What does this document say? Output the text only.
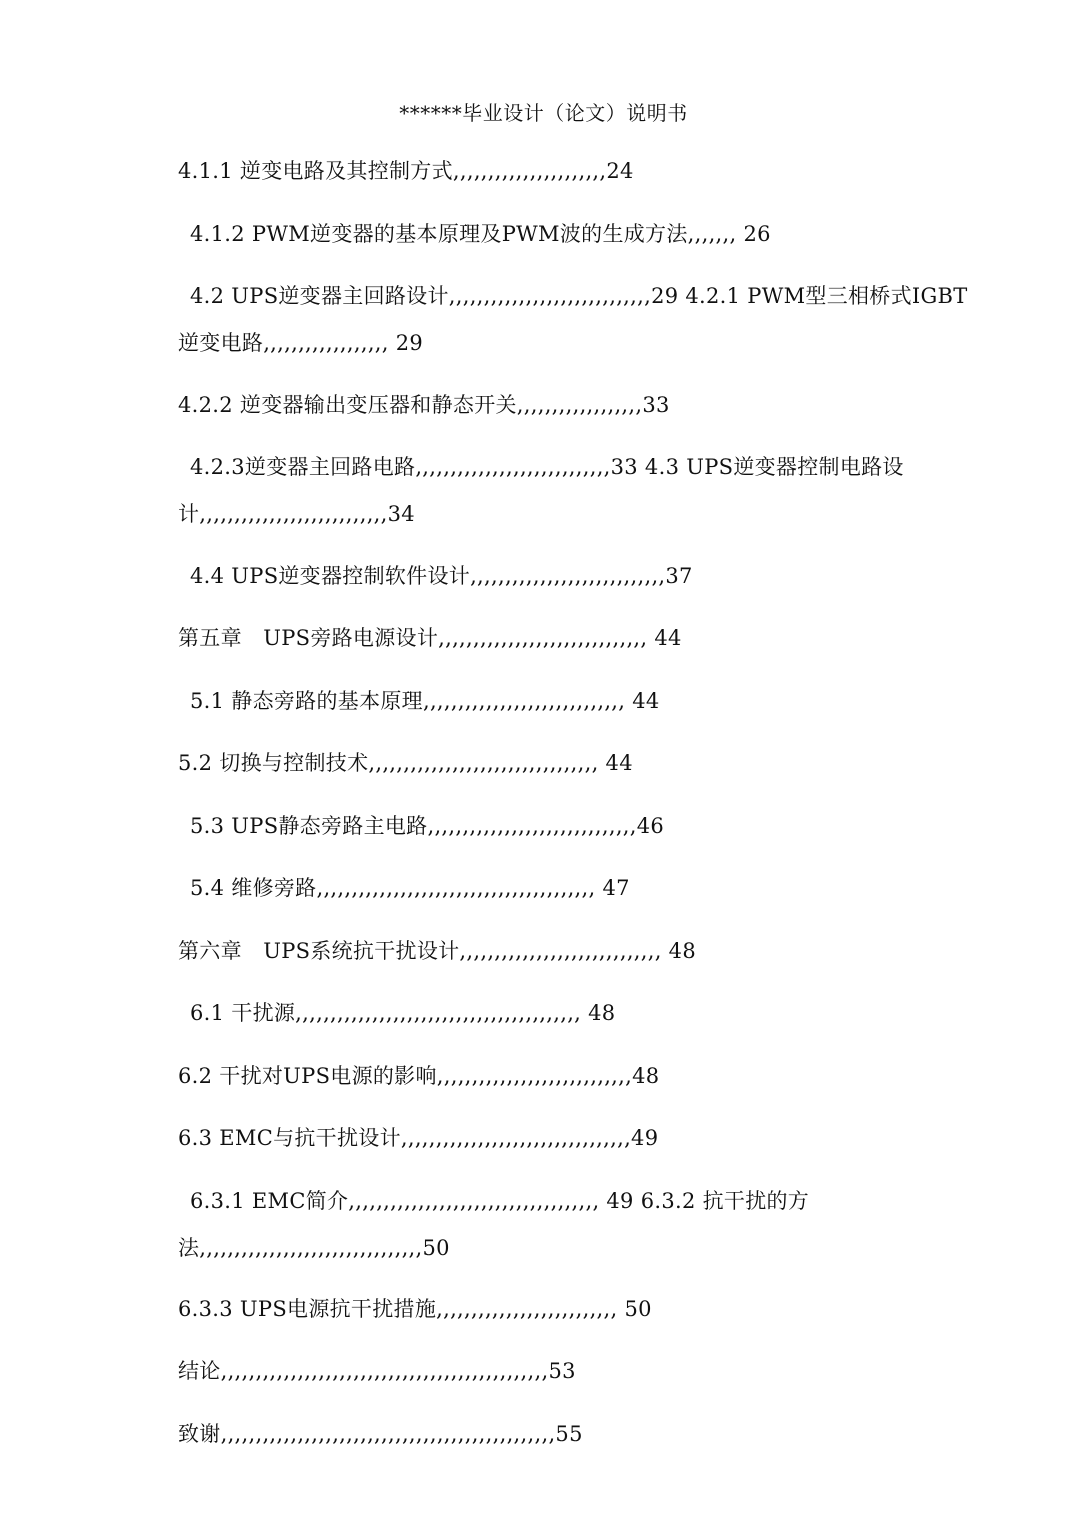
******毕业设计（论文）说明书
4.1.1 逆变电路及其控制方式,,,,,,,,,,,,,,,,,,,,,,24
4.1.2 PWM逆变器的基本原理及PWM波的生成方法,,,,,,, 26
4.2 UPS逆变器主回路设计,,,,,,,,,,,,,,,,,,,,,,,,,,,,,29 4.2.1 PWM型三相桥式IGBT逆变电路,,,,,,,,,,,,,,,,,, 29
4.2.2 逆变器输出变压器和静态开关,,,,,,,,,,,,,,,,,,33
4.2.3逆变器主回路电路,,,,,,,,,,,,,,,,,,,,,,,,,,,,33 4.3 UPS逆变器控制电路设计,,,,,,,,,,,,,,,,,,,,,,,,,,,34
4.4 UPS逆变器控制软件设计,,,,,,,,,,,,,,,,,,,,,,,,,,,,37
第五章　UPS旁路电源设计,,,,,,,,,,,,,,,,,,,,,,,,,,,,,, 44
5.1 静态旁路的基本原理,,,,,,,,,,,,,,,,,,,,,,,,,,,,, 44
5.2 切换与控制技术,,,,,,,,,,,,,,,,,,,,,,,,,,,,,,,,, 44
5.3 UPS静态旁路主电路,,,,,,,,,,,,,,,,,,,,,,,,,,,,,,46
5.4 维修旁路,,,,,,,,,,,,,,,,,,,,,,,,,,,,,,,,,,,,,,,, 47
第六章　UPS系统抗干扰设计,,,,,,,,,,,,,,,,,,,,,,,,,,,,, 48
6.1 干扰源,,,,,,,,,,,,,,,,,,,,,,,,,,,,,,,,,,,,,,,,, 48
6.2 干扰对UPS电源的影响,,,,,,,,,,,,,,,,,,,,,,,,,,,,48
6.3 EMC与抗干扰设计,,,,,,,,,,,,,,,,,,,,,,,,,,,,,,,,,49
6.3.1 EMC简介,,,,,,,,,,,,,,,,,,,,,,,,,,,,,,,,,,,, 49 6.3.2 抗干扰的方法,,,,,,,,,,,,,,,,,,,,,,,,,,,,,,,,50
6.3.3 UPS电源抗干扰措施,,,,,,,,,,,,,,,,,,,,,,,,,, 50
结论,,,,,,,,,,,,,,,,,,,,,,,,,,,,,,,,,,,,,,,,,,,,,,,53
致谢,,,,,,,,,,,,,,,,,,,,,,,,,,,,,,,,,,,,,,,,,,,,,,,,55
